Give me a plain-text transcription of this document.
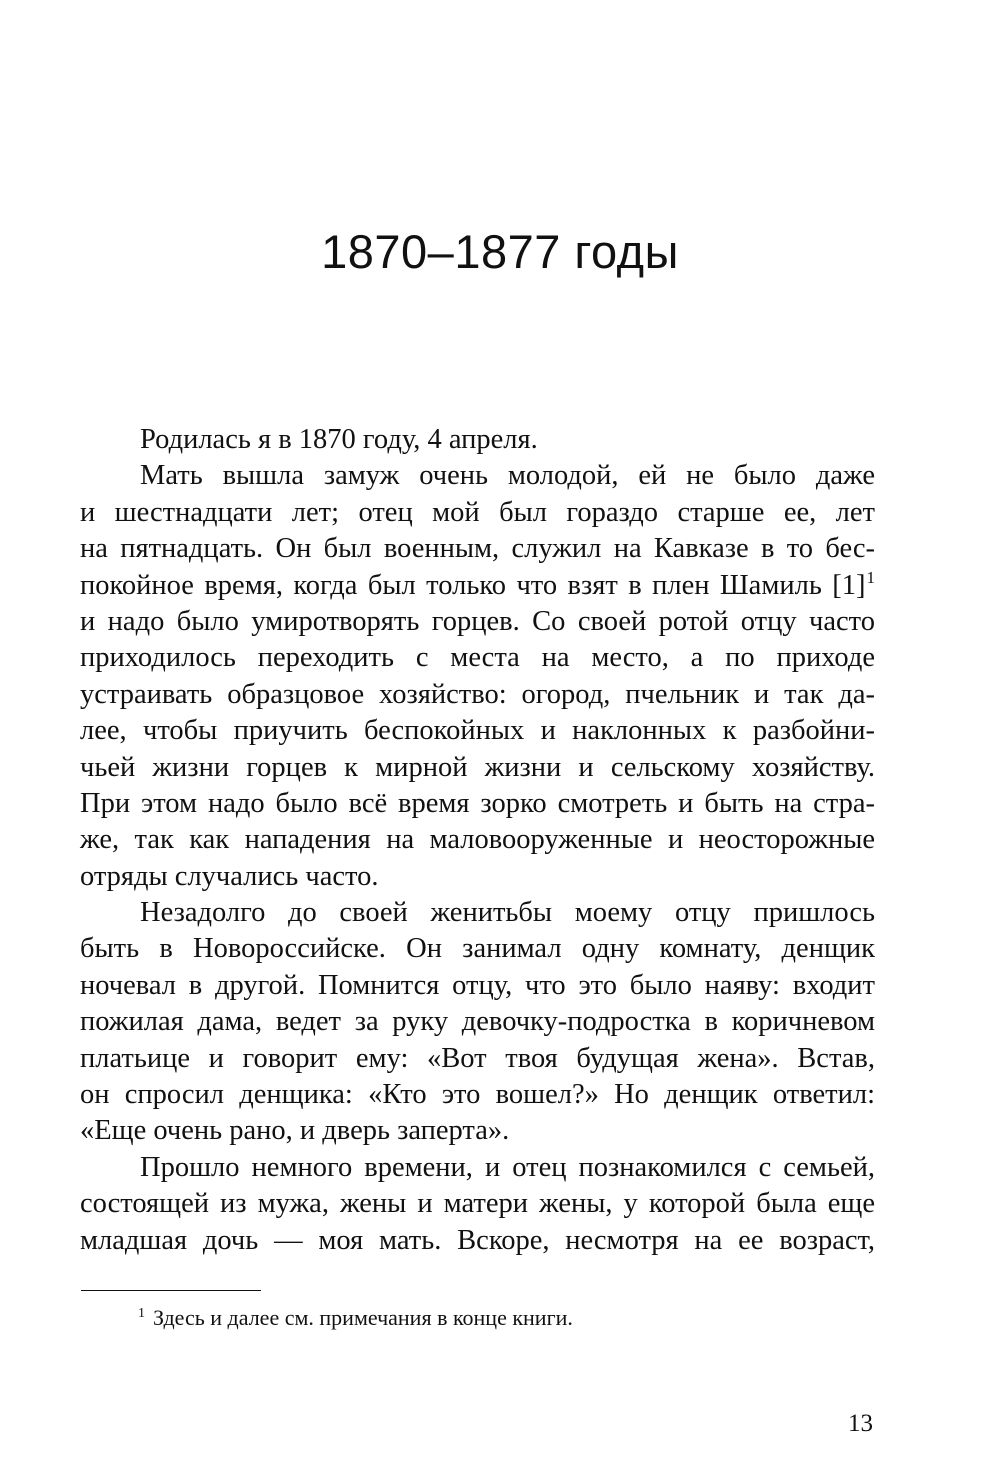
1870–1877 годы

Родилась я в 1870 году, 4 апреля.

Мать вышла замуж очень молодой, ей не было даже
и шестнадцати лет; отец мой был гораздо старше ее, лет
на пятнадцать. Он был военным, служил на Кавказе в то бес-
покойное время, когда был только что взят в плен Шамиль [1]$^1$
и надо было умиротворять горцев. Со своей ротой отцу часто
приходилось переходить с места на место, а по приходе
устраивать образцовое хозяйство: огород, пчельник и так да-
лее, чтобы приучить беспокойных и наклонных к разбойни-
чьей жизни горцев к мирной жизни и сельскому хозяйству.
При этом надо было всё время зорко смотреть и быть на стра-
же, так как нападения на маловооруженные и неосторожные
отряды случались часто.

Незадолго до своей женитьбы моему отцу пришлось
быть в Новороссийске. Он занимал одну комнату, денщик
ночевал в другой. Помнится отцу, что это было наяву: входит
пожилая дама, ведет за руку девочку-подростка в коричневом
платьице и говорит ему: «Вот твоя будущая жена». Встав,
он спросил денщика: «Кто это вошел?» Но денщик ответил:
«Еще очень рано, и дверь заперта».

Прошло немного времени, и отец познакомился с семьей,
состоящей из мужа, жены и матери жены, у которой была еще
младшая дочь — моя мать. Вскоре, несмотря на ее возраст,

$^1$ Здесь и далее см. примечания в конце книги.
13
